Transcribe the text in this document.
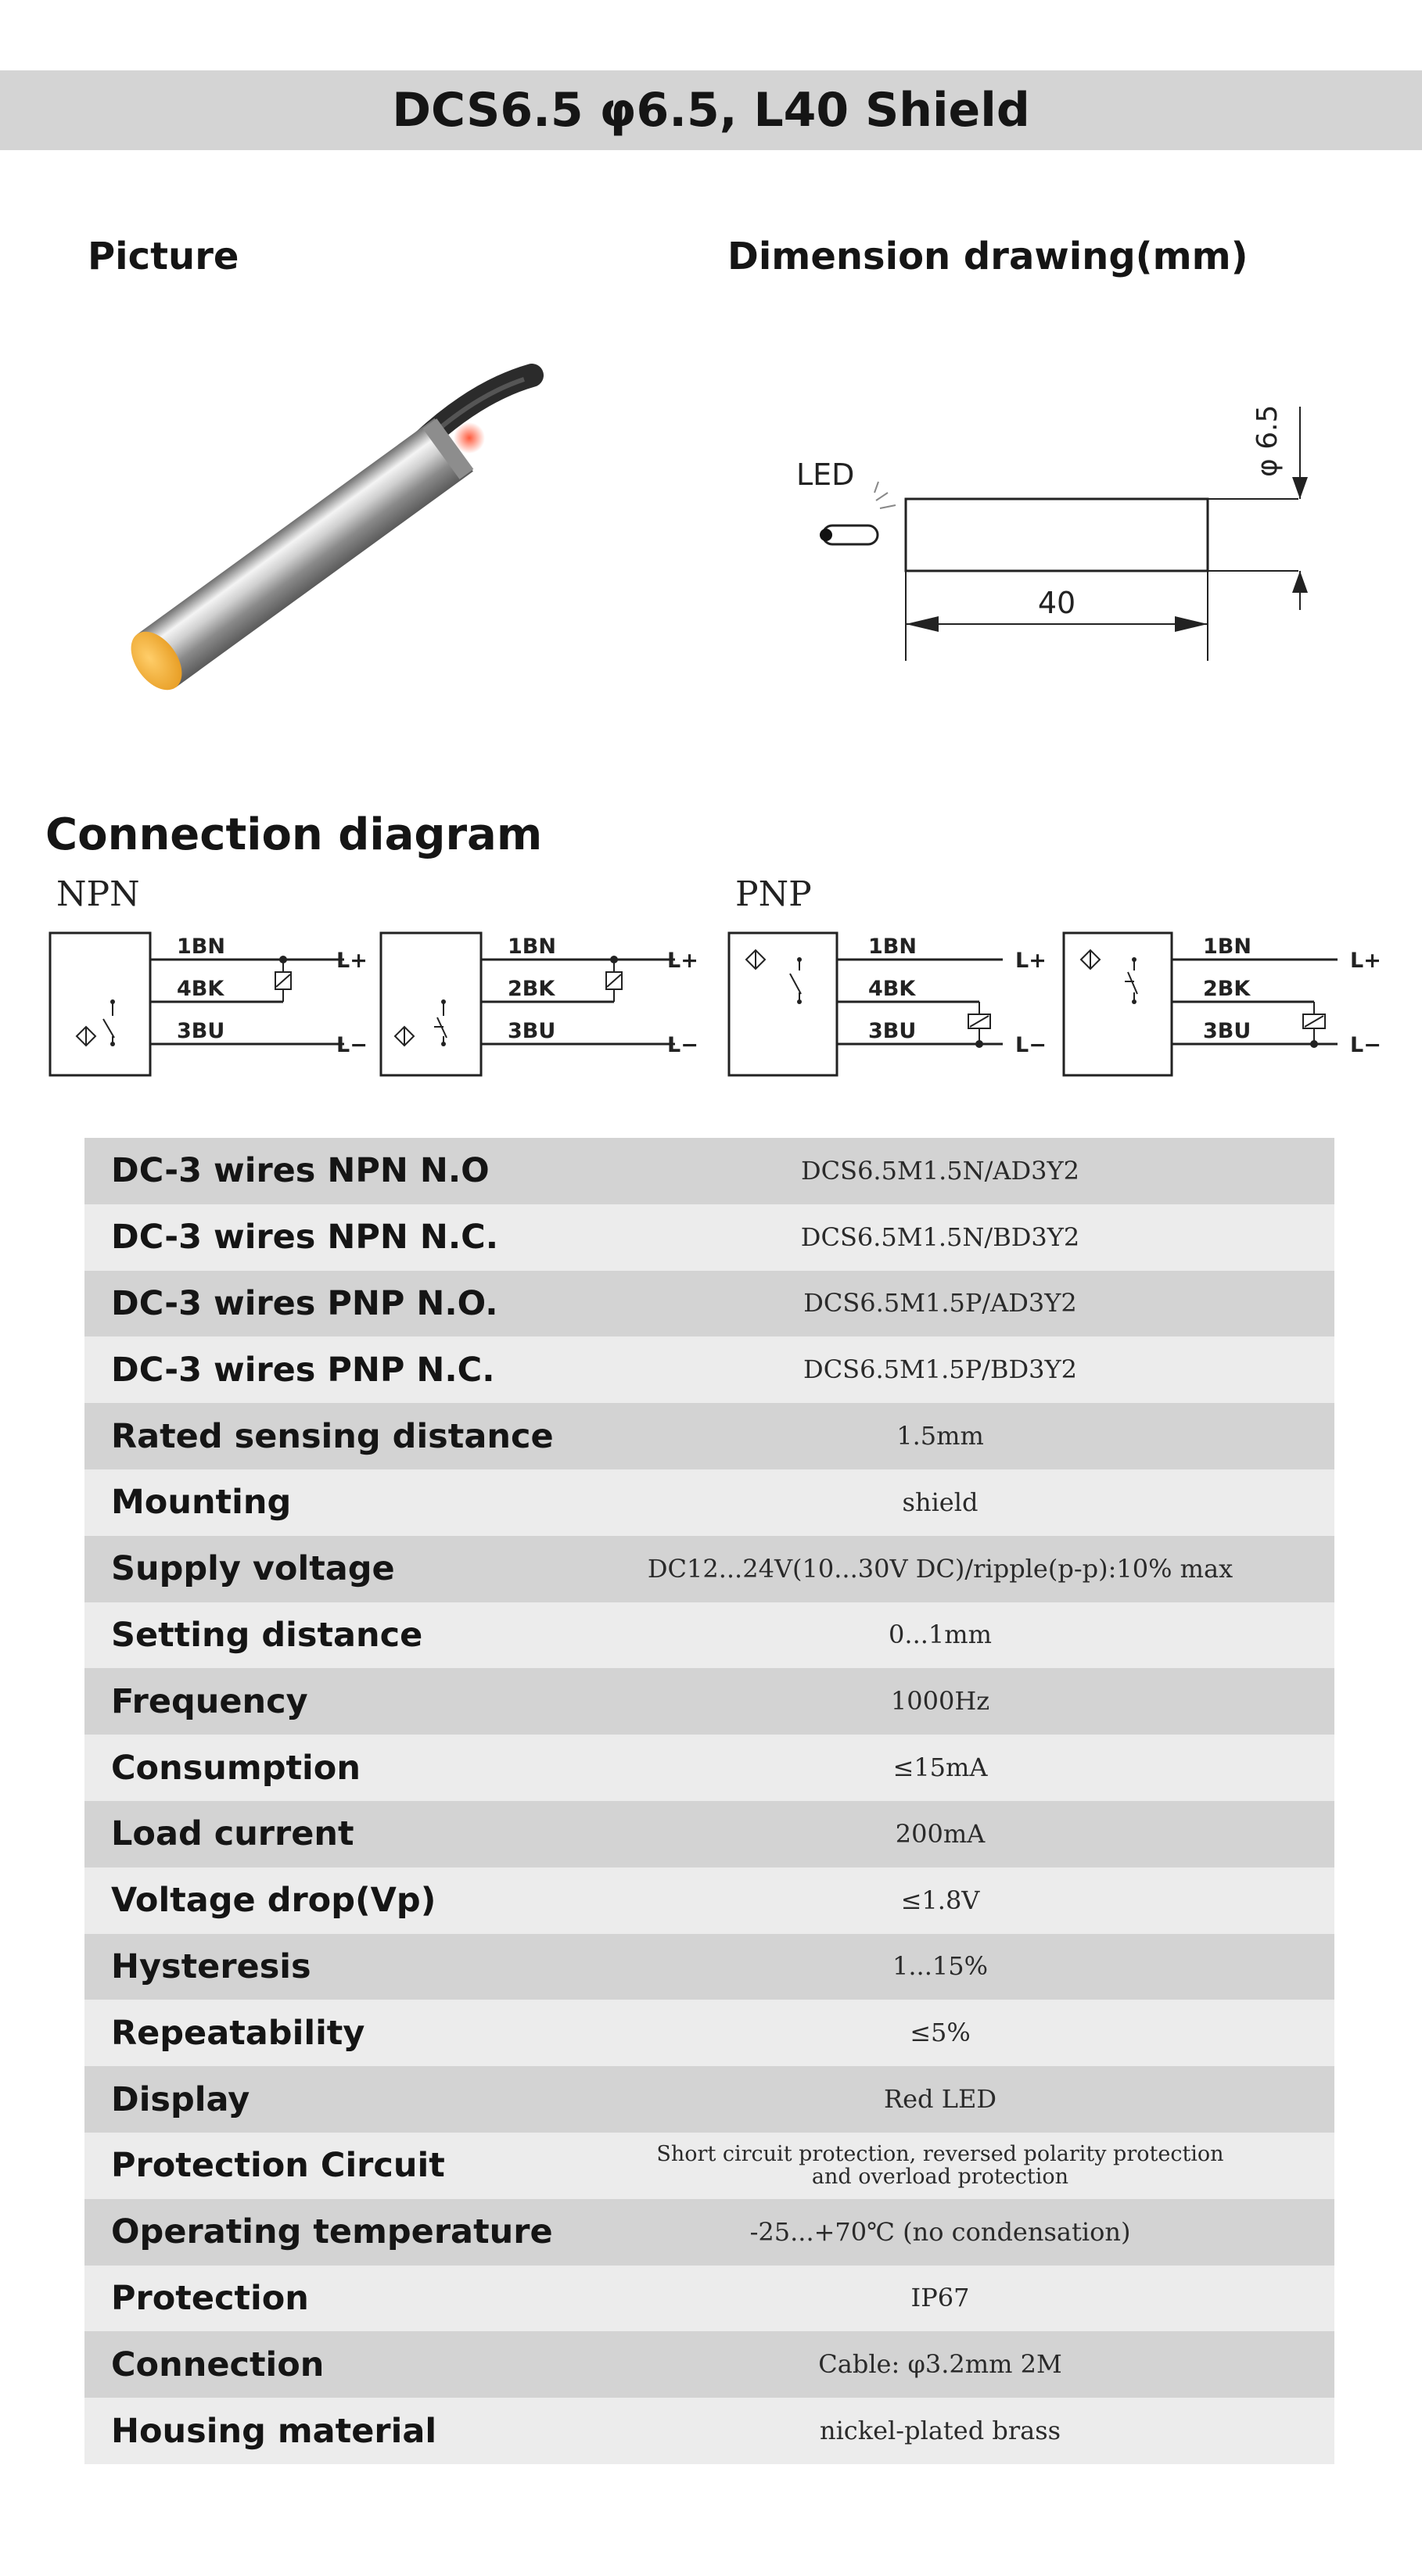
DCS6.5 φ6.5, L40 Shield
Picture	Dimension drawing(mm)
LED	φ 6.5
40
Connection diagram
NPN	PNP
1BN
4BK
3BU
L+
L−
1BN
2BK
3BU
L+
L−
1BN
4BK
3BU
L+
L−
1BN
2BK
3BU
L+
L−
DC-3 wires NPN N.O	DCS6.5M1.5N/AD3Y2
DC-3 wires NPN N.C.	DCS6.5M1.5N/BD3Y2
DC-3 wires PNP N.O.	DCS6.5M1.5P/AD3Y2
DC-3 wires PNP N.C.	DCS6.5M1.5P/BD3Y2
Rated sensing distance	1.5mm
Mounting	shield
Supply voltage	DC12...24V(10...30V DC)/ripple(p-p):10% max
Setting distance	0...1mm
Frequency	1000Hz
Consumption	≤15mA
Load current	200mA
Voltage drop(Vp)	≤1.8V
Hysteresis	1...15%
Repeatability	≤5%
Display	Red LED
Protection Circuit	Short circuit protection, reversed polarity protection
and overload protection
Operating temperature	-25...+70℃ (no condensation)
Protection	IP67
Connection	Cable: φ3.2mm 2M
Housing material	nickel-plated brass
